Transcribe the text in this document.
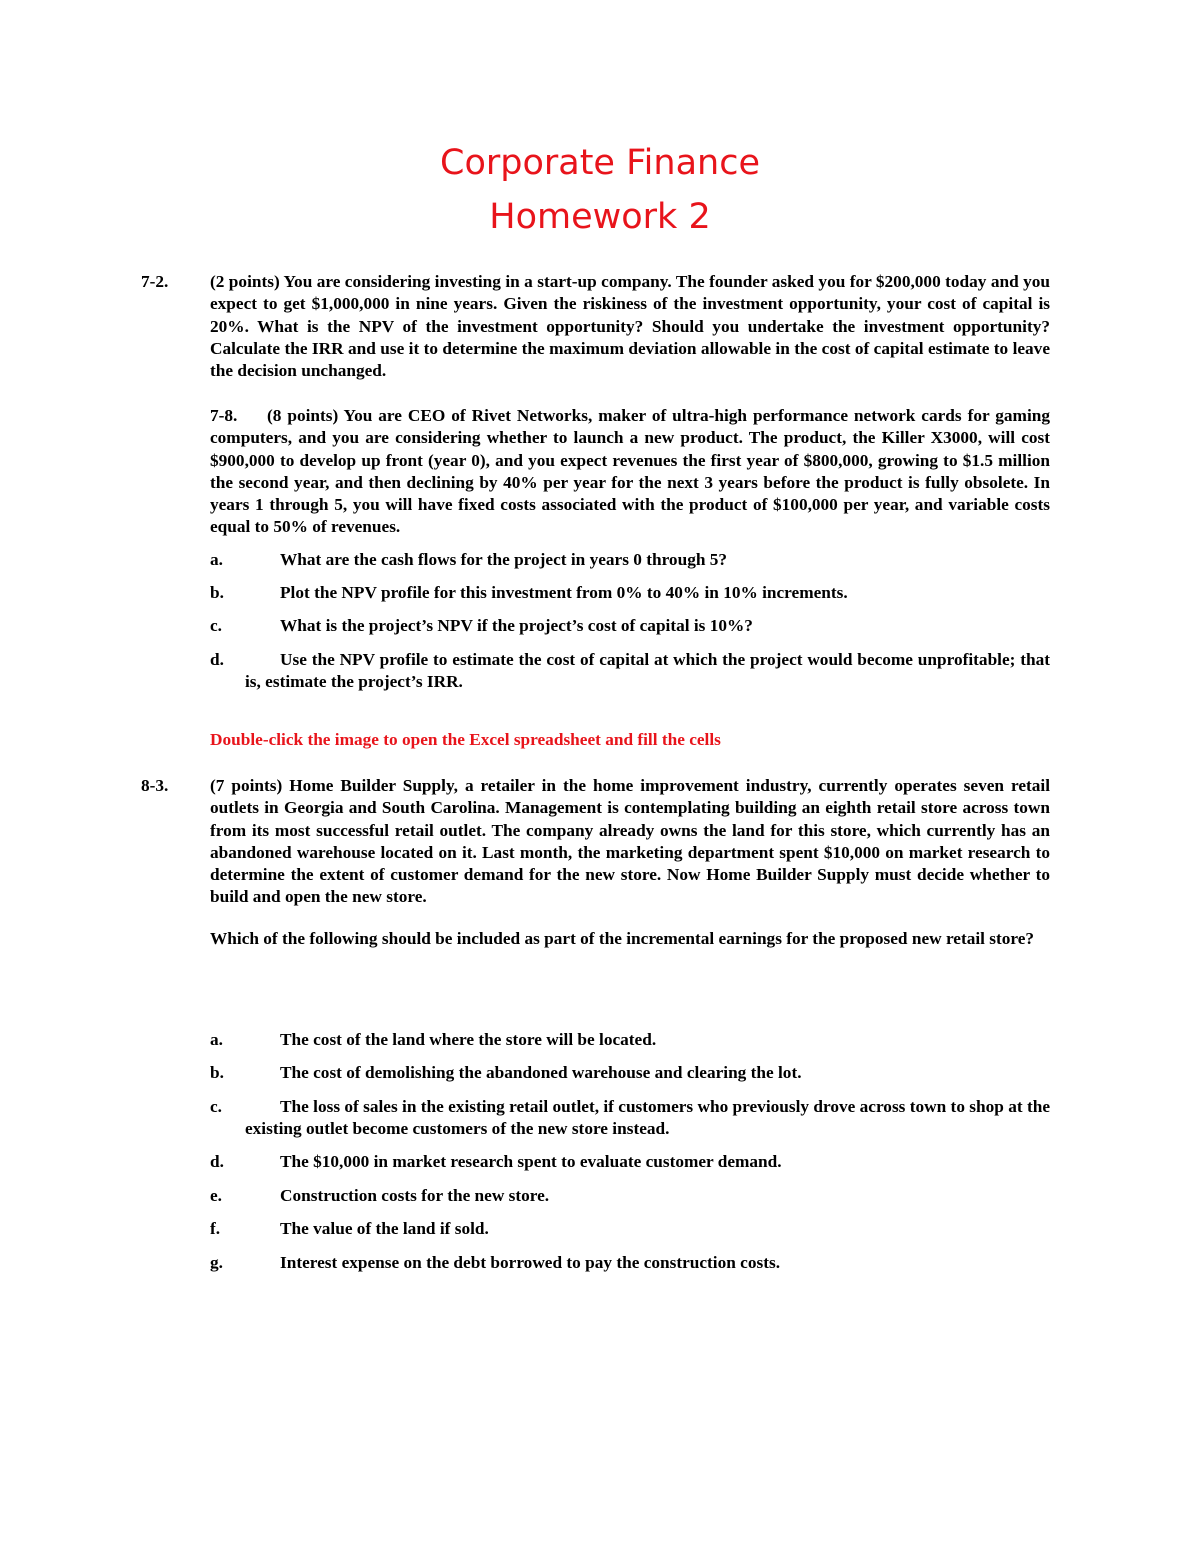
Corporate Finance
Homework 2
7-2. (2 points) You are considering investing in a start-up company. The founder asked you for $200,000 today and you expect to get $1,000,000 in nine years. Given the riskiness of the investment opportunity, your cost of capital is 20%. What is the NPV of the investment opportunity? Should you undertake the investment opportunity? Calculate the IRR and use it to determine the maximum deviation allowable in the cost of capital estimate to leave the decision unchanged.
7-8. (8 points) You are CEO of Rivet Networks, maker of ultra-high performance network cards for gaming computers, and you are considering whether to launch a new product. The product, the Killer X3000, will cost $900,000 to develop up front (year 0), and you expect revenues the first year of $800,000, growing to $1.5 million the second year, and then declining by 40% per year for the next 3 years before the product is fully obsolete. In years 1 through 5, you will have fixed costs associated with the product of $100,000 per year, and variable costs equal to 50% of revenues.
a.	What are the cash flows for the project in years 0 through 5?
b.	Plot the NPV profile for this investment from 0% to 40% in 10% increments.
c.	What is the project’s NPV if the project’s cost of capital is 10%?
d.	Use the NPV profile to estimate the cost of capital at which the project would become unprofitable; that is, estimate the project’s IRR.
Double-click the image to open the Excel spreadsheet and fill the cells
8-3. (7 points) Home Builder Supply, a retailer in the home improvement industry, currently operates seven retail outlets in Georgia and South Carolina. Management is contemplating building an eighth retail store across town from its most successful retail outlet. The company already owns the land for this store, which currently has an abandoned warehouse located on it. Last month, the marketing department spent $10,000 on market research to determine the extent of customer demand for the new store. Now Home Builder Supply must decide whether to build and open the new store.
Which of the following should be included as part of the incremental earnings for the proposed new retail store?
a.	The cost of the land where the store will be located.
b.	The cost of demolishing the abandoned warehouse and clearing the lot.
c.	The loss of sales in the existing retail outlet, if customers who previously drove across town to shop at the existing outlet become customers of the new store instead.
d.	The $10,000 in market research spent to evaluate customer demand.
e.	Construction costs for the new store.
f.	The value of the land if sold.
g.	Interest expense on the debt borrowed to pay the construction costs.
